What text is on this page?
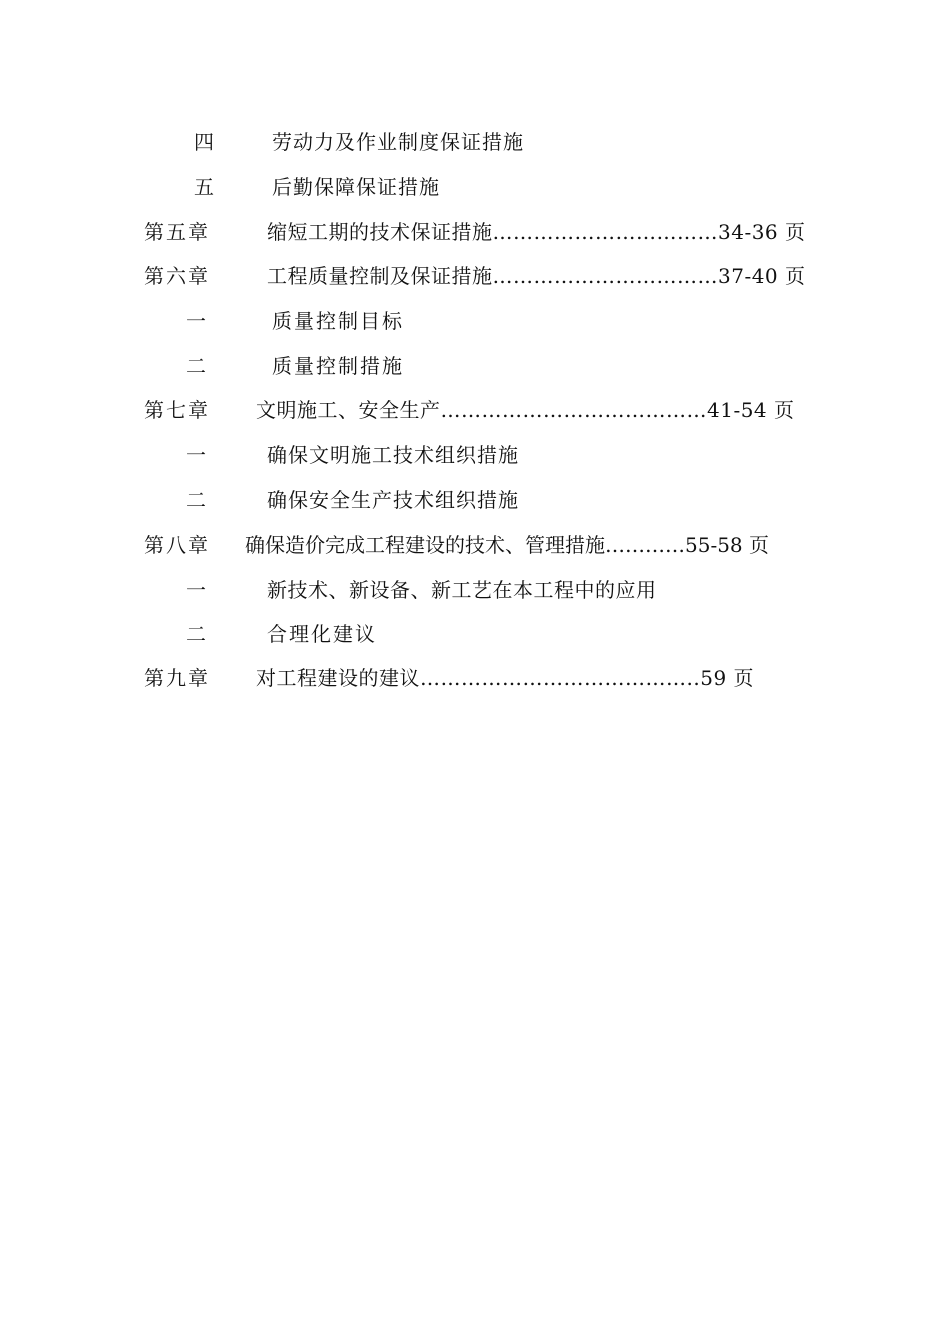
四	劳动力及作业制度保证措施
五	后勤保障保证措施
第五章	缩短工期的技术保证措施……………………………34-36 页
第六章	工程质量控制及保证措施……………………………37-40 页
一	质量控制目标
二	质量控制措施
第七章 文明施工、安全生产…………………………………41-54 页
一	确保文明施工技术组织措施
二	确保安全生产技术组织措施
第八章 确保造价完成工程建设的技术、管理措施…………55-58 页
一	新技术、新设备、新工艺在本工程中的应用
二	合理化建议
第九章 对工程建设的建议…………………………………..59 页
